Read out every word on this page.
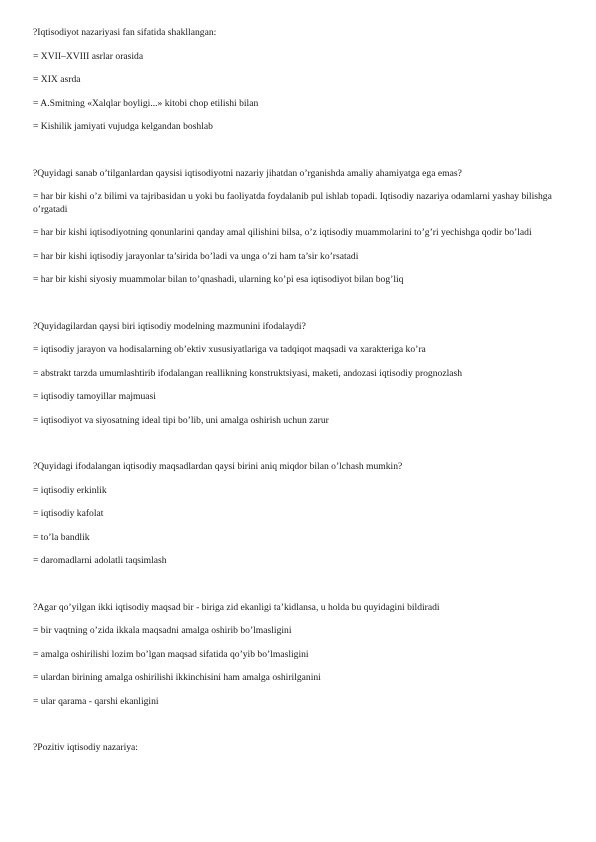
?Iqtisodiyot nazariyasi fan sifatida shakllangan:
= XVII–XVIII asrlar orasida
= XIX asrda
= A.Smitning «Xalqlar boyligi...» kitobi chop etilishi bilan
= Kishilik jamiyati vujudga kelgandan boshlab
?Quyidagi sanab o’tilganlardan qaysisi iqtisodiyotni nazariy jihatdan o’rganishda amaliy ahamiyatga ega emas?
= har bir kishi o’z bilimi va tajribasidan u yoki bu faoliyatda foydalanib pul ishlab topadi. Iqtisodiy nazariya odamlarni yashay bilishga o’rgatadi
= har bir kishi iqtisodiyotning qonunlarini qanday amal qilishini bilsa, o’z iqtisodiy muammolarini to’g’ri yechishga qodir bo’ladi
= har bir kishi iqtisodiy jarayonlar ta’sirida bo’ladi va unga o’zi ham ta’sir ko’rsatadi
= har bir kishi siyosiy muammolar bilan to’qnashadi, ularning ko’pi esa iqtisodiyot bilan bog’liq
?Quyidagilardan qaysi biri iqtisodiy modelning mazmunini ifodalaydi?
= iqtisodiy jarayon va hodisalarning ob’ektiv xususiyatlariga va tadqiqot maqsadi va xarakteriga ko’ra
= abstrakt tarzda umumlashtirib ifodalangan reallikning konstruktsiyasi, maketi, andozasi iqtisodiy prognozlash
= iqtisodiy tamoyillar majmuasi
= iqtisodiyot va siyosatning ideal tipi bo’lib, uni amalga oshirish uchun zarur
?Quyidagi ifodalangan iqtisodiy maqsadlardan qaysi birini aniq miqdor bilan o’lchash mumkin?
= iqtisodiy erkinlik
= iqtisodiy kafolat
= to’la bandlik
= daromadlarni adolatli taqsimlash
?Agar qo’yilgan ikki iqtisodiy maqsad bir - biriga zid ekanligi ta’kidlansa, u holda bu quyidagini bildiradi
= bir vaqtning o’zida ikkala maqsadni amalga oshirib bo’lmasligini
= amalga oshirilishi lozim bo’lgan maqsad sifatida qo’yib bo’lmasligini
= ulardan birining amalga oshirilishi ikkinchisini ham amalga oshirilganini
= ular qarama - qarshi ekanligini
?Pozitiv iqtisodiy nazariya:
